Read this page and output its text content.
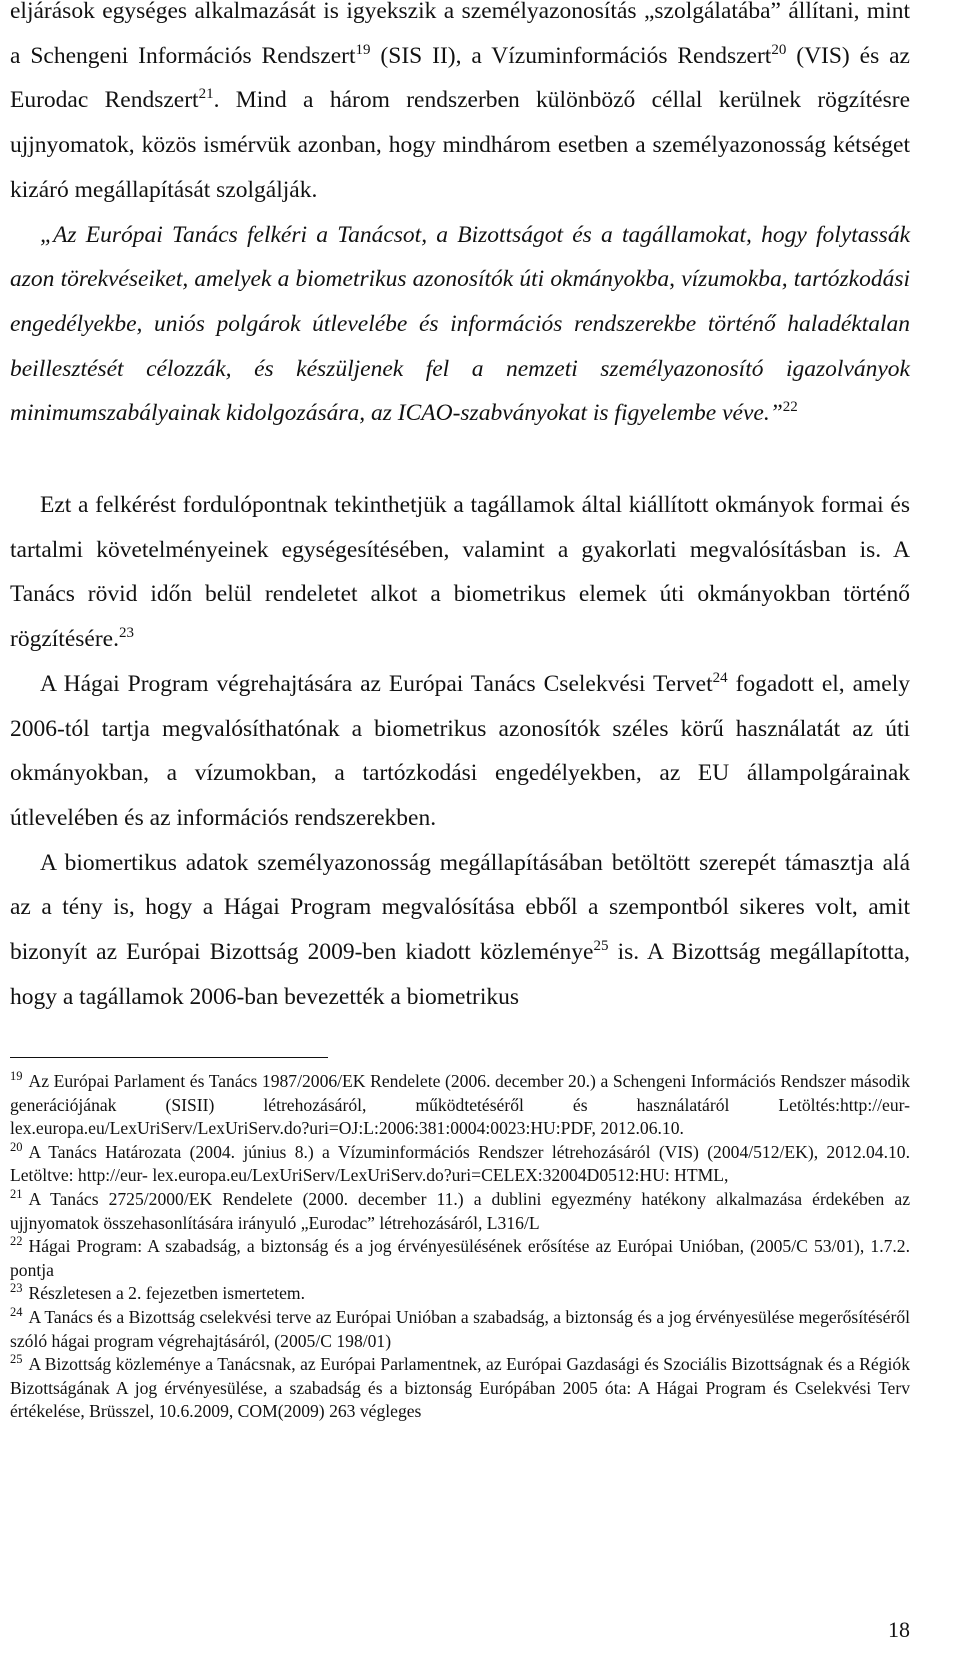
eljárások egységes alkalmazását is igyekszik a személyazonosítás „szolgálatába” állítani, mint a Schengeni Információs Rendszert$^{19}$ (SIS II), a Vízuminformációs Rendszert$^{20}$ (VIS) és az Eurodac Rendszert$^{21}$. Mind a három rendszerben különböző céllal kerülnek rögzítésre ujjnyomatok, közös ismérvük azonban, hogy mindhárom esetben a személyazonosság kétséget kizáró megállapítását szolgálják.

„Az Európai Tanács felkéri a Tanácsot, a Bizottságot és a tagállamokat, hogy folytassák azon törekvéseiket, amelyek a biometrikus azonosítók úti okmányokba, vízumokba, tartózkodási engedélyekbe, uniós polgárok útlevelébe és információs rendszerekbe történő haladéktalan beillesztését célozzák, és készüljenek fel a nemzeti személyazonosító igazolványok minimumszabályainak kidolgozására, az ICAO-szabványokat is figyelembe véve.”$^{22}$

Ezt a felkérést fordulópontnak tekinthetjük a tagállamok által kiállított okmányok formai és tartalmi követelményeinek egységesítésében, valamint a gyakorlati megvalósításban is. A Tanács rövid időn belül rendeletet alkot a biometrikus elemek úti okmányokban történő rögzítésére.$^{23}$

A Hágai Program végrehajtására az Európai Tanács Cselekvési Tervet$^{24}$ fogadott el, amely 2006-tól tartja megvalósíthatónak a biometrikus azonosítók széles körű használatát az úti okmányokban, a vízumokban, a tartózkodási engedélyekben, az EU állampolgárainak útlevelében és az információs rendszerekben.

A biomertikus adatok személyazonosság megállapításában betöltött szerepét támasztja alá az a tény is, hogy a Hágai Program megvalósítása ebből a szempontból sikeres volt, amit bizonyít az Európai Bizottság 2009-ben kiadott közleménye$^{25}$ is. A Bizottság megállapította, hogy a tagállamok 2006-ban bevezették a biometrikus

$^{19}$ Az Európai Parlament és Tanács 1987/2006/EK Rendelete (2006. december 20.) a Schengeni Információs Rendszer második generációjának (SISII) létrehozásáról, működtetéséről és használatáról Letöltés:http://eur-lex.europa.eu/LexUriServ/LexUriServ.do?uri=OJ:L:2006:381:0004:0023:HU:PDF, 2012.06.10.

$^{20}$ A Tanács Határozata (2004. június 8.) a Vízuminformációs Rendszer létrehozásáról (VIS) (2004/512/EK), 2012.04.10. Letöltve: http://eur- lex.europa.eu/LexUriServ/LexUriServ.do?uri=CELEX:32004D0512:HU: HTML,

$^{21}$ A Tanács 2725/2000/EK Rendelete (2000. december 11.) a dublini egyezmény hatékony alkalmazása érdekében az ujjnyomatok összehasonlítására irányuló „Eurodac” létrehozásáról, L316/L

$^{22}$ Hágai Program: A szabadság, a biztonság és a jog érvényesülésének erősítése az Európai Unióban, (2005/C 53/01), 1.7.2. pontja

$^{23}$ Részletesen a 2. fejezetben ismertetem.

$^{24}$ A Tanács és a Bizottság cselekvési terve az Európai Unióban a szabadság, a biztonság és a jog érvényesülése megerősítéséről szóló hágai program végrehajtásáról, (2005/C 198/01)

$^{25}$ A Bizottság közleménye a Tanácsnak, az Európai Parlamentnek, az Európai Gazdasági és Szociális Bizottságnak és a Régiók Bizottságának A jog érvényesülése, a szabadság és a biztonság Európában 2005 óta: A Hágai Program és Cselekvési Terv értékelése, Brüsszel, 10.6.2009, COM(2009) 263 végleges

18
